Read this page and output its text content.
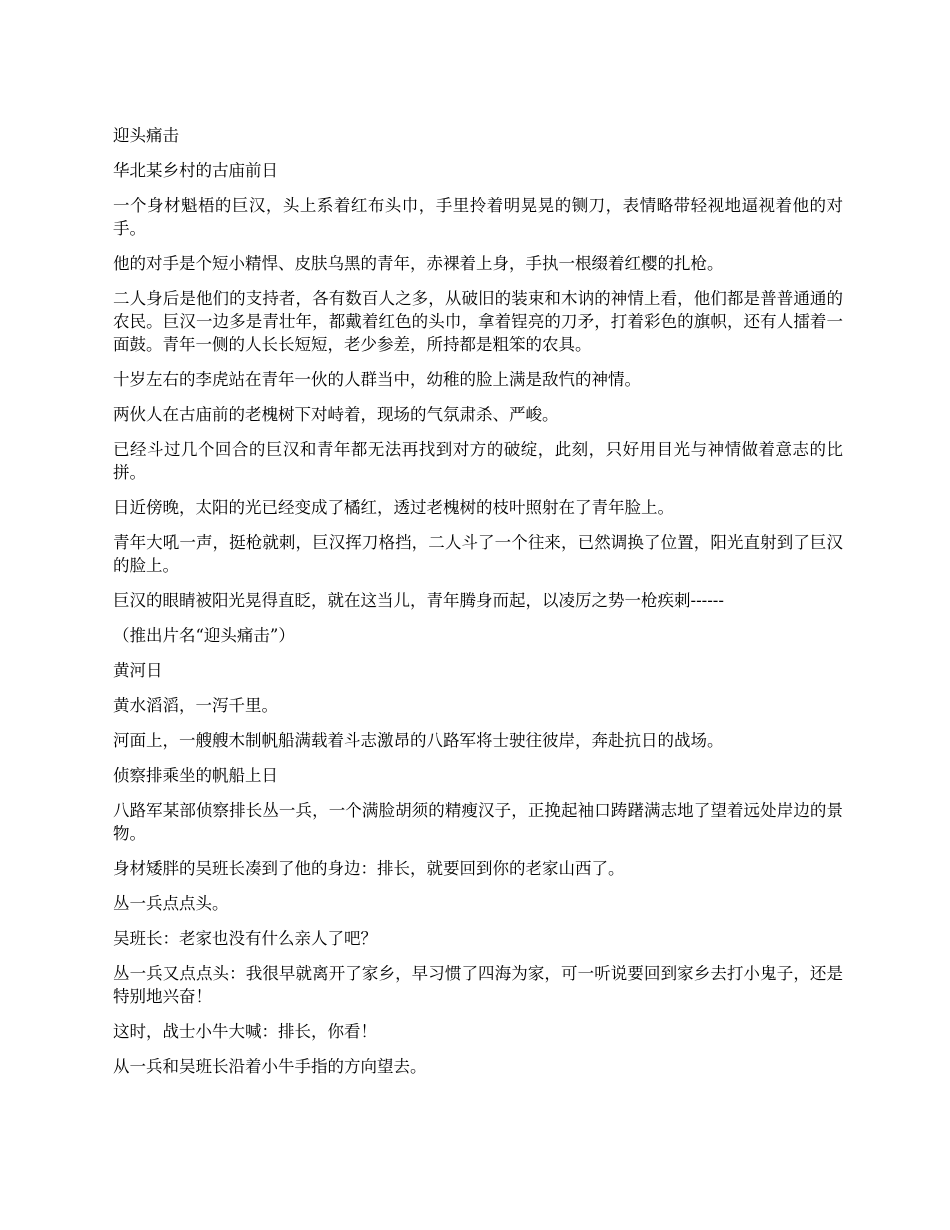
迎头痛击

华北某乡村的古庙前日

一个身材魁梧的巨汉，头上系着红布头巾，手里拎着明晃晃的铡刀，表情略带轻视地逼视着他的对手。

他的对手是个短小精悍、皮肤乌黑的青年，赤裸着上身，手执一根缀着红樱的扎枪。

二人身后是他们的支持者，各有数百人之多，从破旧的装束和木讷的神情上看，他们都是普普通通的农民。巨汉一边多是青壮年，都戴着红色的头巾，拿着锃亮的刀矛，打着彩色的旗帜，还有人擂着一面鼓。青年一侧的人长长短短，老少参差，所持都是粗笨的农具。

十岁左右的李虎站在青年一伙的人群当中，幼稚的脸上满是敌忾的神情。

两伙人在古庙前的老槐树下对峙着，现场的气氛肃杀、严峻。

已经斗过几个回合的巨汉和青年都无法再找到对方的破绽，此刻，只好用目光与神情做着意志的比拼。

日近傍晚，太阳的光已经变成了橘红，透过老槐树的枝叶照射在了青年脸上。

青年大吼一声，挺枪就刺，巨汉挥刀格挡，二人斗了一个往来，已然调换了位置，阳光直射到了巨汉的脸上。

巨汉的眼睛被阳光晃得直眨，就在这当儿，青年腾身而起，以凌厉之势一枪疾刺------

（推出片名“迎头痛击”）

黄河日

黄水滔滔，一泻千里。

河面上，一艘艘木制帆船满载着斗志激昂的八路军将士驶往彼岸，奔赴抗日的战场。

侦察排乘坐的帆船上日

八路军某部侦察排长丛一兵，一个满脸胡须的精瘦汉子，正挽起袖口踌躇满志地了望着远处岸边的景物。

身材矮胖的吴班长凑到了他的身边：排长，就要回到你的老家山西了。

丛一兵点点头。

吴班长：老家也没有什么亲人了吧？

丛一兵又点点头：我很早就离开了家乡，早习惯了四海为家，可一听说要回到家乡去打小鬼子，还是特别地兴奋！

这时，战士小牛大喊：排长，你看！

从一兵和吴班长沿着小牛手指的方向望去。
